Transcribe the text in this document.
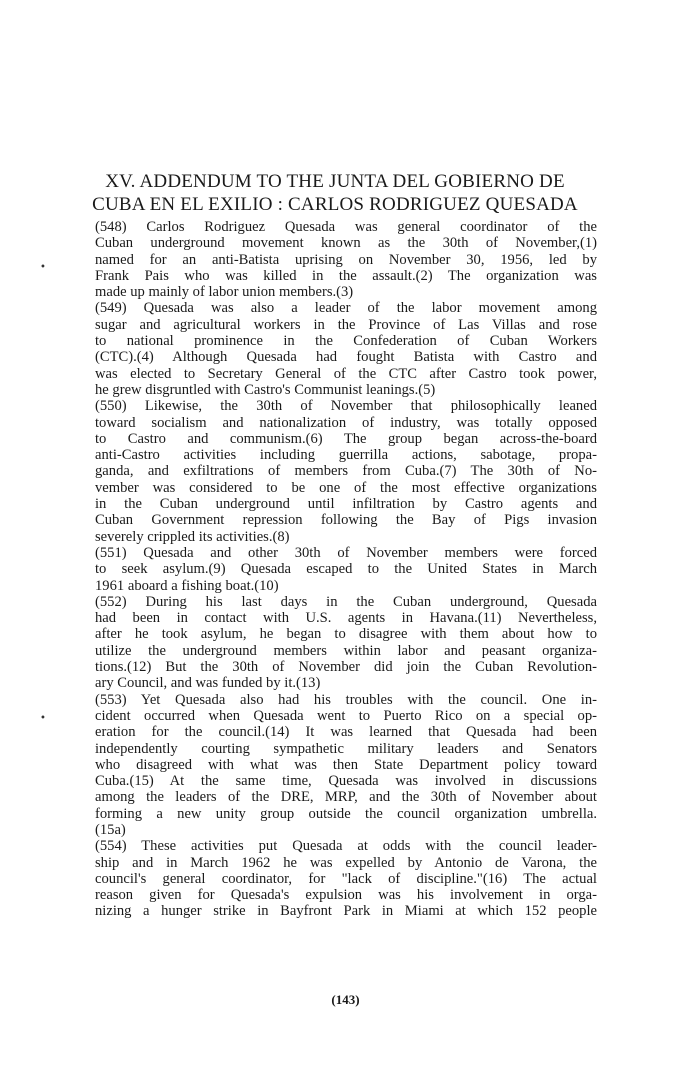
XV. ADDENDUM TO THE JUNTA DEL GOBIERNO DE
CUBA EN EL EXILIO : CARLOS RODRIGUEZ QUESADA
(548) Carlos Rodriguez Quesada was general coordinator of the
Cuban underground movement known as the 30th of November,(1)
named for an anti-Batista uprising on November 30, 1956, led by
Frank Pais who was killed in the assault.(2) The organization was
made up mainly of labor union members.(3)
(549) Quesada was also a leader of the labor movement among
sugar and agricultural workers in the Province of Las Villas and rose
to national prominence in the Confederation of Cuban Workers
(CTC).(4) Although Quesada had fought Batista with Castro and
was elected to Secretary General of the CTC after Castro took power,
he grew disgruntled with Castro's Communist leanings.(5)
(550) Likewise, the 30th of November that philosophically leaned
toward socialism and nationalization of industry, was totally opposed
to Castro and communism.(6) The group began across-the-board
anti-Castro activities including guerrilla actions, sabotage, propa-
ganda, and exfiltrations of members from Cuba.(7) The 30th of No-
vember was considered to be one of the most effective organizations
in the Cuban underground until infiltration by Castro agents and
Cuban Government repression following the Bay of Pigs invasion
severely crippled its activities.(8)
(551) Quesada and other 30th of November members were forced
to seek asylum.(9) Quesada escaped to the United States in March
1961 aboard a fishing boat.(10)
(552) During his last days in the Cuban underground, Quesada
had been in contact with U.S. agents in Havana.(11) Nevertheless,
after he took asylum, he began to disagree with them about how to
utilize the underground members within labor and peasant organiza-
tions.(12) But the 30th of November did join the Cuban Revolution-
ary Council, and was funded by it.(13)
(553) Yet Quesada also had his troubles with the council. One in-
cident occurred when Quesada went to Puerto Rico on a special op-
eration for the council.(14) It was learned that Quesada had been
independently courting sympathetic military leaders and Senators
who disagreed with what was then State Department policy toward
Cuba.(15) At the same time, Quesada was involved in discussions
among the leaders of the DRE, MRP, and the 30th of November about
forming a new unity group outside the council organization umbrella.
(15a)
(554) These activities put Quesada at odds with the council leader-
ship and in March 1962 he was expelled by Antonio de Varona, the
council's general coordinator, for "lack of discipline."(16) The actual
reason given for Quesada's expulsion was his involvement in orga-
nizing a hunger strike in Bayfront Park in Miami at which 152 people
(143)
•
•
